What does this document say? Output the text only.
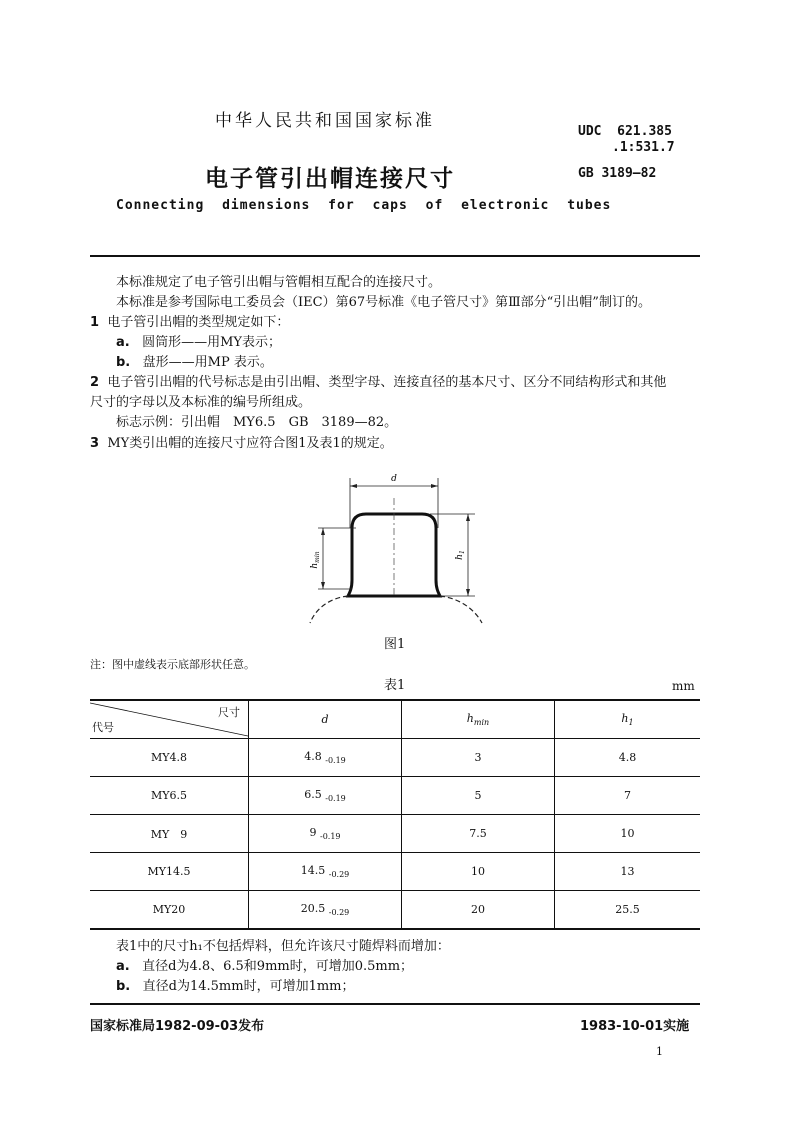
中华人民共和国国家标准
UDC 621.385
.1:531.7
电子管引出帽连接尺寸	GB 3189—82
Connecting dimensions for caps of electronic tubes
本标准规定了电子管引出帽与管帽相互配合的连接尺寸。
本标准是参考国际电工委员会（IEC）第67号标准《电子管尺寸》第Ⅲ部分“引出帽”制订的。
1 电子管引出帽的类型规定如下：
a. 圆筒形——用MY表示；
b. 盘形——用MP 表示。
2 电子管引出帽的代号标志是由引出帽、类型字母、连接直径的基本尺寸、区分不同结构形式和其他
尺寸的字母以及本标准的编号所组成。
标志示例：引出帽　MY6.5　GB　3189—82。
3 MY类引出帽的连接尺寸应符合图1及表1的规定。
d
$h_{min}$	$h_1$
图1
注：图中虚线表示底部形状任意。
表1	mm
尺寸
代号	d	$h_{min}$	$h_1$
MY4.8	4.8 $_{-0.19}$	3	4.8
MY6.5	6.5 $_{-0.19}$	5	7
MY　9	9 $_{-0.19}$	7.5	10
MY14.5	14.5 $_{-0.29}$	10	13
MY20	20.5 $_{-0.29}$	20	25.5
表1中的尺寸h₁不包括焊料，但允许该尺寸随焊料而增加：
a. 直径d为4.8、6.5和9mm时，可增加0.5mm；
b. 直径d为14.5mm时，可增加1mm；
国家标准局1982-09-03发布	1983-10-01实施
1
